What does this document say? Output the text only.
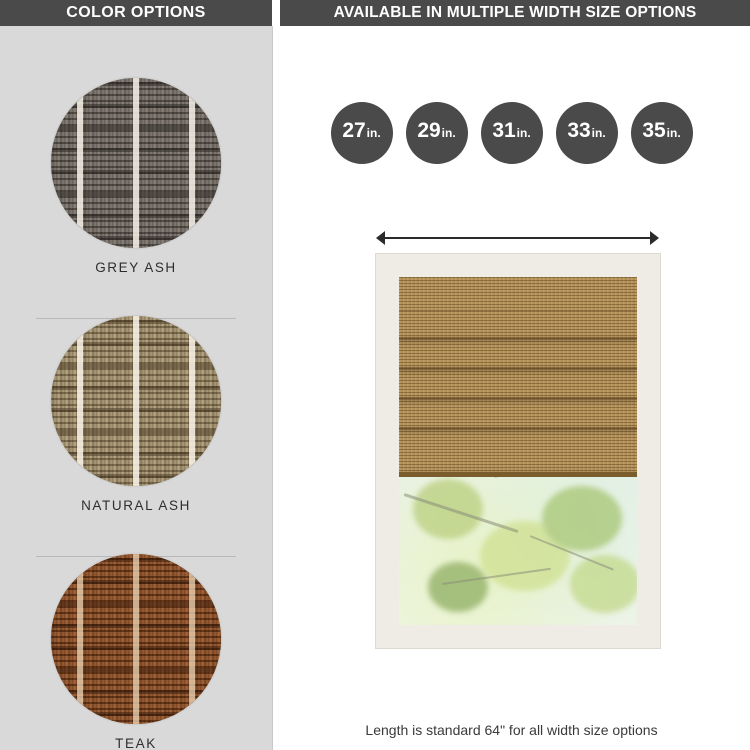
COLOR OPTIONS	AVAILABLE IN MULTIPLE WIDTH SIZE OPTIONS
GREY ASH
NATURAL ASH
TEAK
27 in. 29 in. 31 in. 33 in. 35 in.
Length is standard 64" for all width size options
